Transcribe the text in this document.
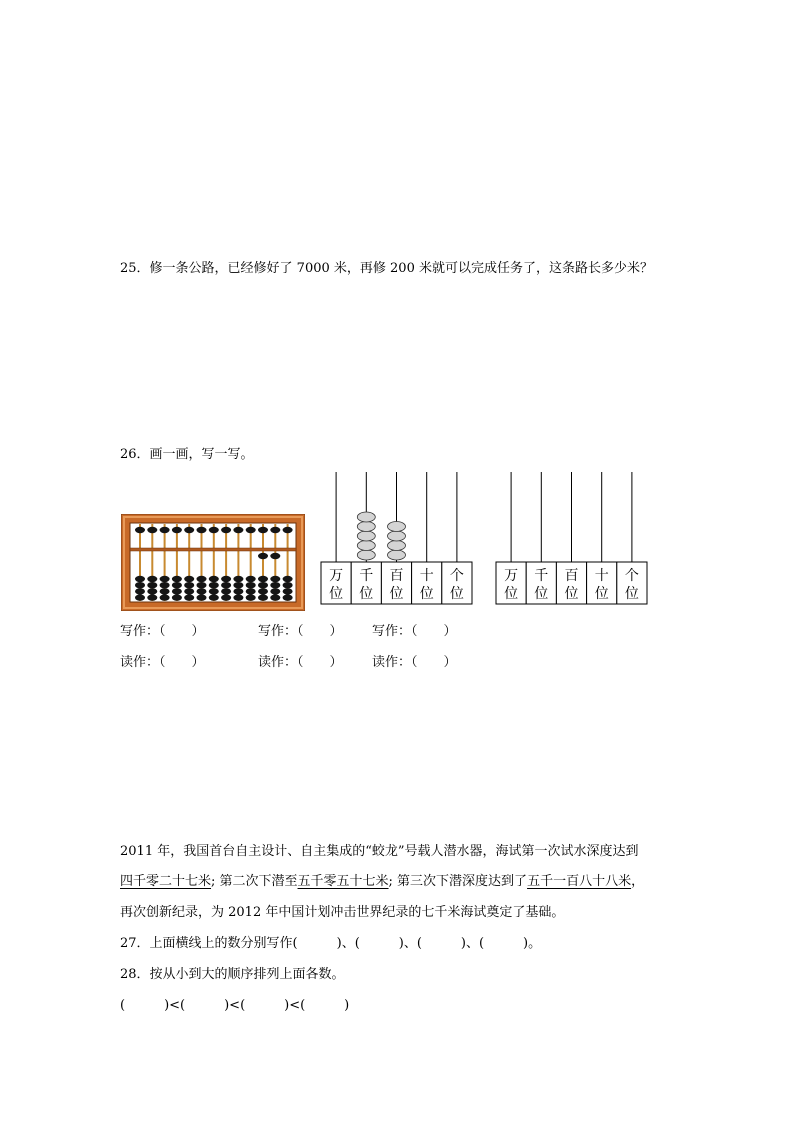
25．修一条公路，已经修好了 7000 米，再修 200 米就可以完成任务了，这条路长多少米？
26．画一画，写一写。
万
位
千
位
百
位
十
位
个
位
万
位
千
位
百
位
十
位
个
位
写作：（　　）	写作：（　　） 写作：（　　）
读作：（　　）	读作：（　　） 读作：（　　）
2011 年，我国首台自主设计、自主集成的“蛟龙”号载人潜水器，海试第一次试水深度达到
四千零二十七米; 第二次下潜至五千零五十七米; 第三次下潜深度达到了五千一百八十八米，
再次创新纪录，为 2012 年中国计划冲击世界纪录的七千米海试奠定了基础。
27．上面横线上的数分别写作(　　　)、(　　　)、(　　　)、(　　　)。
28．按从小到大的顺序排列上面各数。
(　　　)<(　　　)<(　　　)<(　　　)
